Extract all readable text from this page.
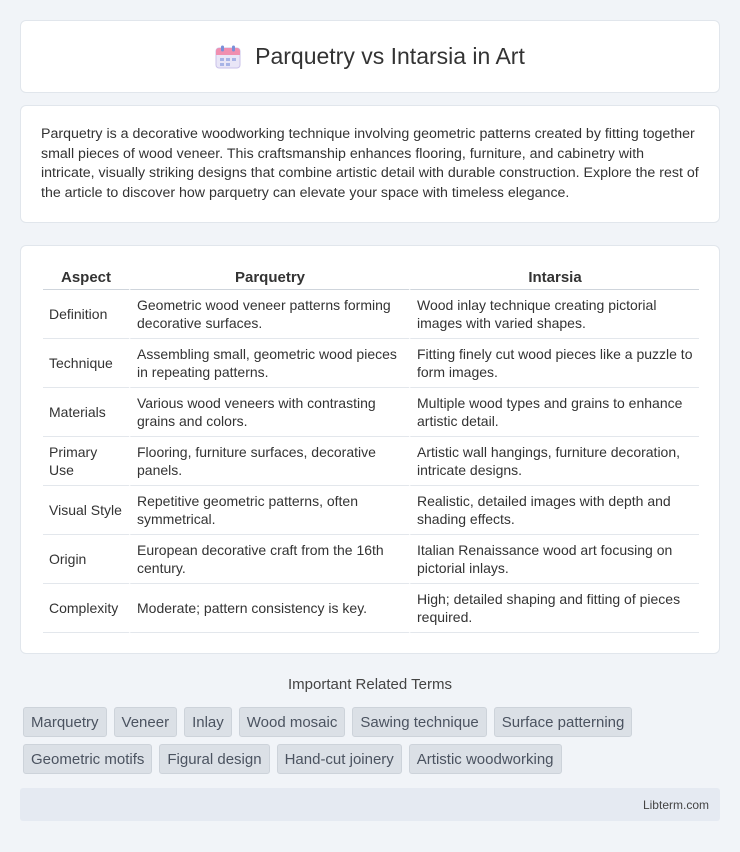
Parquetry vs Intarsia in Art

Parquetry is a decorative woodworking technique involving geometric patterns created by fitting together small pieces of wood veneer. This craftsmanship enhances flooring, furniture, and cabinetry with intricate, visually striking designs that combine artistic detail with durable construction. Explore the rest of the article to discover how parquetry can elevate your space with timeless elegance.

Aspect	Parquetry	Intarsia
Definition	Geometric wood veneer patterns forming decorative surfaces.	Wood inlay technique creating pictorial images with varied shapes.
Technique	Assembling small, geometric wood pieces in repeating patterns.	Fitting finely cut wood pieces like a puzzle to form images.
Materials	Various wood veneers with contrasting grains and colors.	Multiple wood types and grains to enhance artistic detail.
Primary Use	Flooring, furniture surfaces, decorative panels.	Artistic wall hangings, furniture decoration, intricate designs.
Visual Style	Repetitive geometric patterns, often symmetrical.	Realistic, detailed images with depth and shading effects.
Origin	European decorative craft from the 16th century.	Italian Renaissance wood art focusing on pictorial inlays.
Complexity	Moderate; pattern consistency is key.	High; detailed shaping and fitting of pieces required.
Important Related Terms
Marquetry	Veneer	Inlay	Wood mosaic	Sawing technique	Surface patterning
Geometric motifs	Figural design	Hand-cut joinery	Artistic woodworking
Libterm.com
